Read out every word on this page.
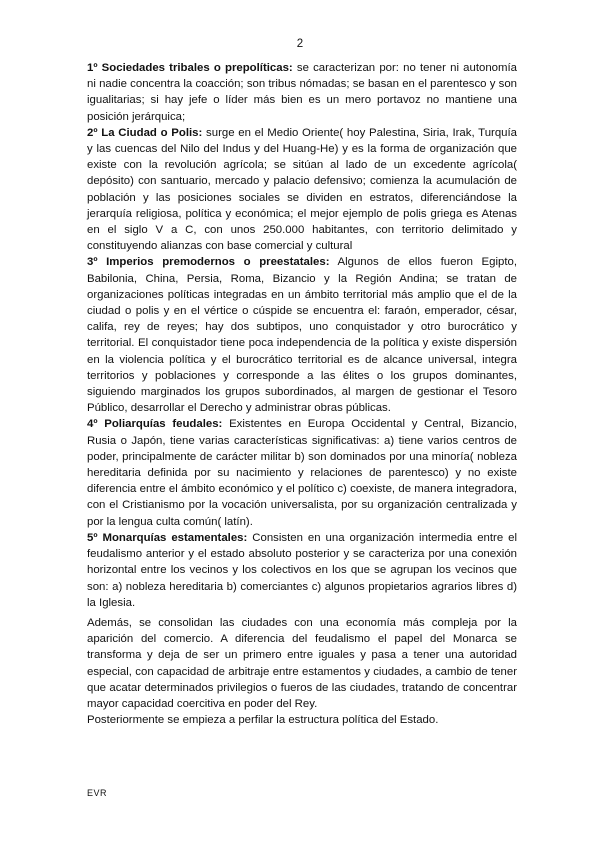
2

1º Sociedades tribales o prepolíticas: se caracterizan por: no tener ni autonomía ni nadie concentra la coacción; son tribus nómadas; se basan en el parentesco y son igualitarias; si hay jefe o líder más bien es un mero portavoz no mantiene una posición jerárquica;

2º La Ciudad o Polis: surge en el Medio Oriente( hoy Palestina, Siria, Irak, Turquía y las cuencas del Nilo del Indus y del Huang-He) y es la forma de organización que existe con la revolución agrícola; se sitúan al lado de un excedente agrícola( depósito) con santuario, mercado y palacio defensivo; comienza la acumulación de población y las posiciones sociales se dividen en estratos, diferenciándose la jerarquía religiosa, política y económica; el mejor ejemplo de polis griega es Atenas en el siglo V a C, con unos 250.000 habitantes, con territorio delimitado y constituyendo alianzas con base comercial y cultural

3º Imperios premodernos o preestatales: Algunos de ellos fueron Egipto, Babilonia, China, Persia, Roma, Bizancio y la Región Andina; se tratan de organizaciones políticas integradas en un ámbito territorial más amplio que el de la ciudad o polis y en el vértice o cúspide se encuentra el: faraón, emperador, césar, califa, rey de reyes; hay dos subtipos, uno conquistador y otro burocrático y territorial. El conquistador tiene poca independencia de la política y existe dispersión en la violencia política y el burocrático territorial es de alcance universal, integra territorios y poblaciones y corresponde a las élites o los grupos dominantes, siguiendo marginados los grupos subordinados, al margen de gestionar el Tesoro Público, desarrollar el Derecho y administrar obras públicas.

4º Poliarquías feudales: Existentes en Europa Occidental y Central, Bizancio, Rusia o Japón, tiene varias características significativas: a) tiene varios centros de poder, principalmente de carácter militar b) son dominados por una minoría( nobleza hereditaria definida por su nacimiento y relaciones de parentesco) y no existe diferencia entre el ámbito económico y el político c) coexiste, de manera integradora, con el Cristianismo por la vocación universalista, por su organización centralizada y por la lengua culta común( latín).

5º Monarquías estamentales: Consisten en una organización intermedia entre el feudalismo anterior y el estado absoluto posterior y se caracteriza por una conexión horizontal entre los vecinos y los colectivos en los que se agrupan los vecinos que son: a) nobleza hereditaria b) comerciantes c) algunos propietarios agrarios libres d) la Iglesia.

Además, se consolidan las ciudades con una economía más compleja por la aparición del comercio. A diferencia del feudalismo el papel del Monarca se transforma y deja de ser un primero entre iguales y pasa a tener una autoridad especial, con capacidad de arbitraje entre estamentos y ciudades, a cambio de tener que acatar determinados privilegios o fueros de las ciudades, tratando de concentrar mayor capacidad coercitiva en poder del Rey.

Posteriormente se empieza a perfilar la estructura política del Estado.

EVR
